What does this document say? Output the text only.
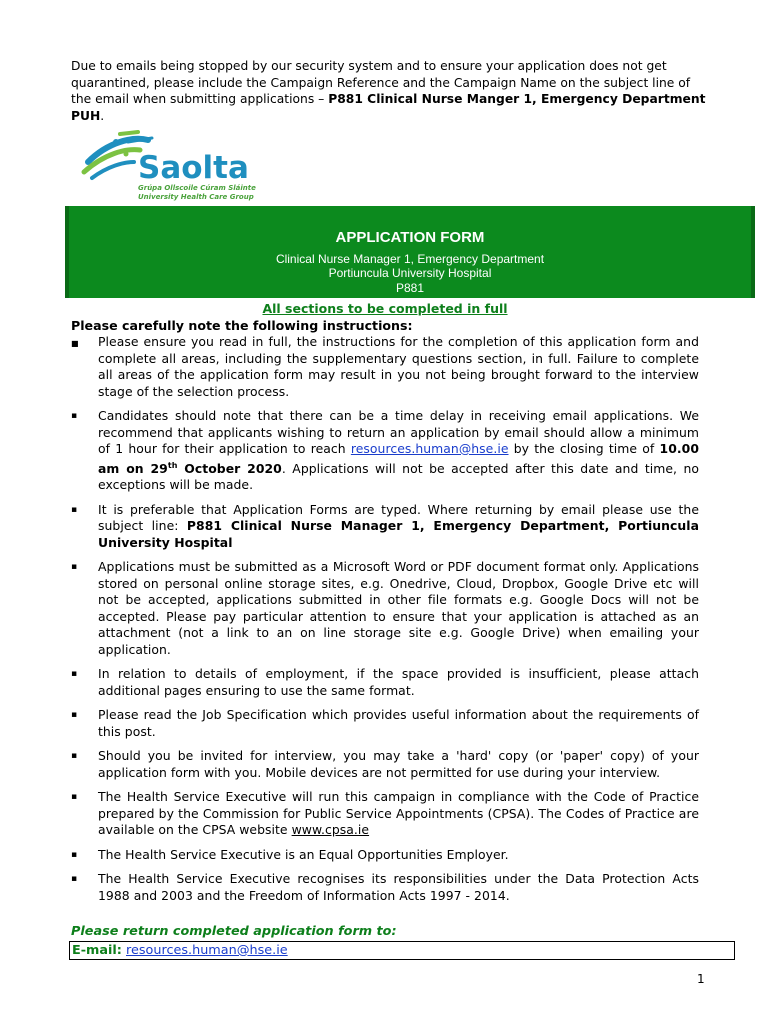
Due to emails being stopped by our security system and to ensure your application does not get quarantined, please include the Campaign Reference and the Campaign Name on the subject line of the email when submitting applications – P881 Clinical Nurse Manger 1, Emergency Department PUH.
Saolta
Grúpa Ollscoile Cúram Sláinte
University Health Care Group
APPLICATION FORM
Clinical Nurse Manager 1, Emergency Department
Portiuncula University Hospital
P881
All sections to be completed in full
Please carefully note the following instructions:
■ Please ensure you read in full, the instructions for the completion of this application form and complete all areas, including the supplementary questions section, in full. Failure to complete all areas of the application form may result in you not being brought forward to the interview stage of the selection process.
▪ Candidates should note that there can be a time delay in receiving email applications. We recommend that applicants wishing to return an application by email should allow a minimum of 1 hour for their application to reach resources.human@hse.ie by the closing time of 10.00 am on 29th October 2020. Applications will not be accepted after this date and time, no exceptions will be made.
▪ It is preferable that Application Forms are typed. Where returning by email please use the subject line: P881 Clinical Nurse Manager 1, Emergency Department, Portiuncula University Hospital
▪ Applications must be submitted as a Microsoft Word or PDF document format only. Applications stored on personal online storage sites, e.g. Onedrive, Cloud, Dropbox, Google Drive etc will not be accepted, applications submitted in other file formats e.g. Google Docs will not be accepted. Please pay particular attention to ensure that your application is attached as an attachment (not a link to an on line storage site e.g. Google Drive) when emailing your application.
▪ In relation to details of employment, if the space provided is insufficient, please attach additional pages ensuring to use the same format.
▪ Please read the Job Specification which provides useful information about the requirements of this post.
▪ Should you be invited for interview, you may take a 'hard' copy (or 'paper' copy) of your application form with you. Mobile devices are not permitted for use during your interview.
▪ The Health Service Executive will run this campaign in compliance with the Code of Practice prepared by the Commission for Public Service Appointments (CPSA). The Codes of Practice are available on the CPSA website www.cpsa.ie
▪ The Health Service Executive is an Equal Opportunities Employer.
▪ The Health Service Executive recognises its responsibilities under the Data Protection Acts 1988 and 2003 and the Freedom of Information Acts 1997 - 2014.
Please return completed application form to:
E-mail: resources.human@hse.ie
1
